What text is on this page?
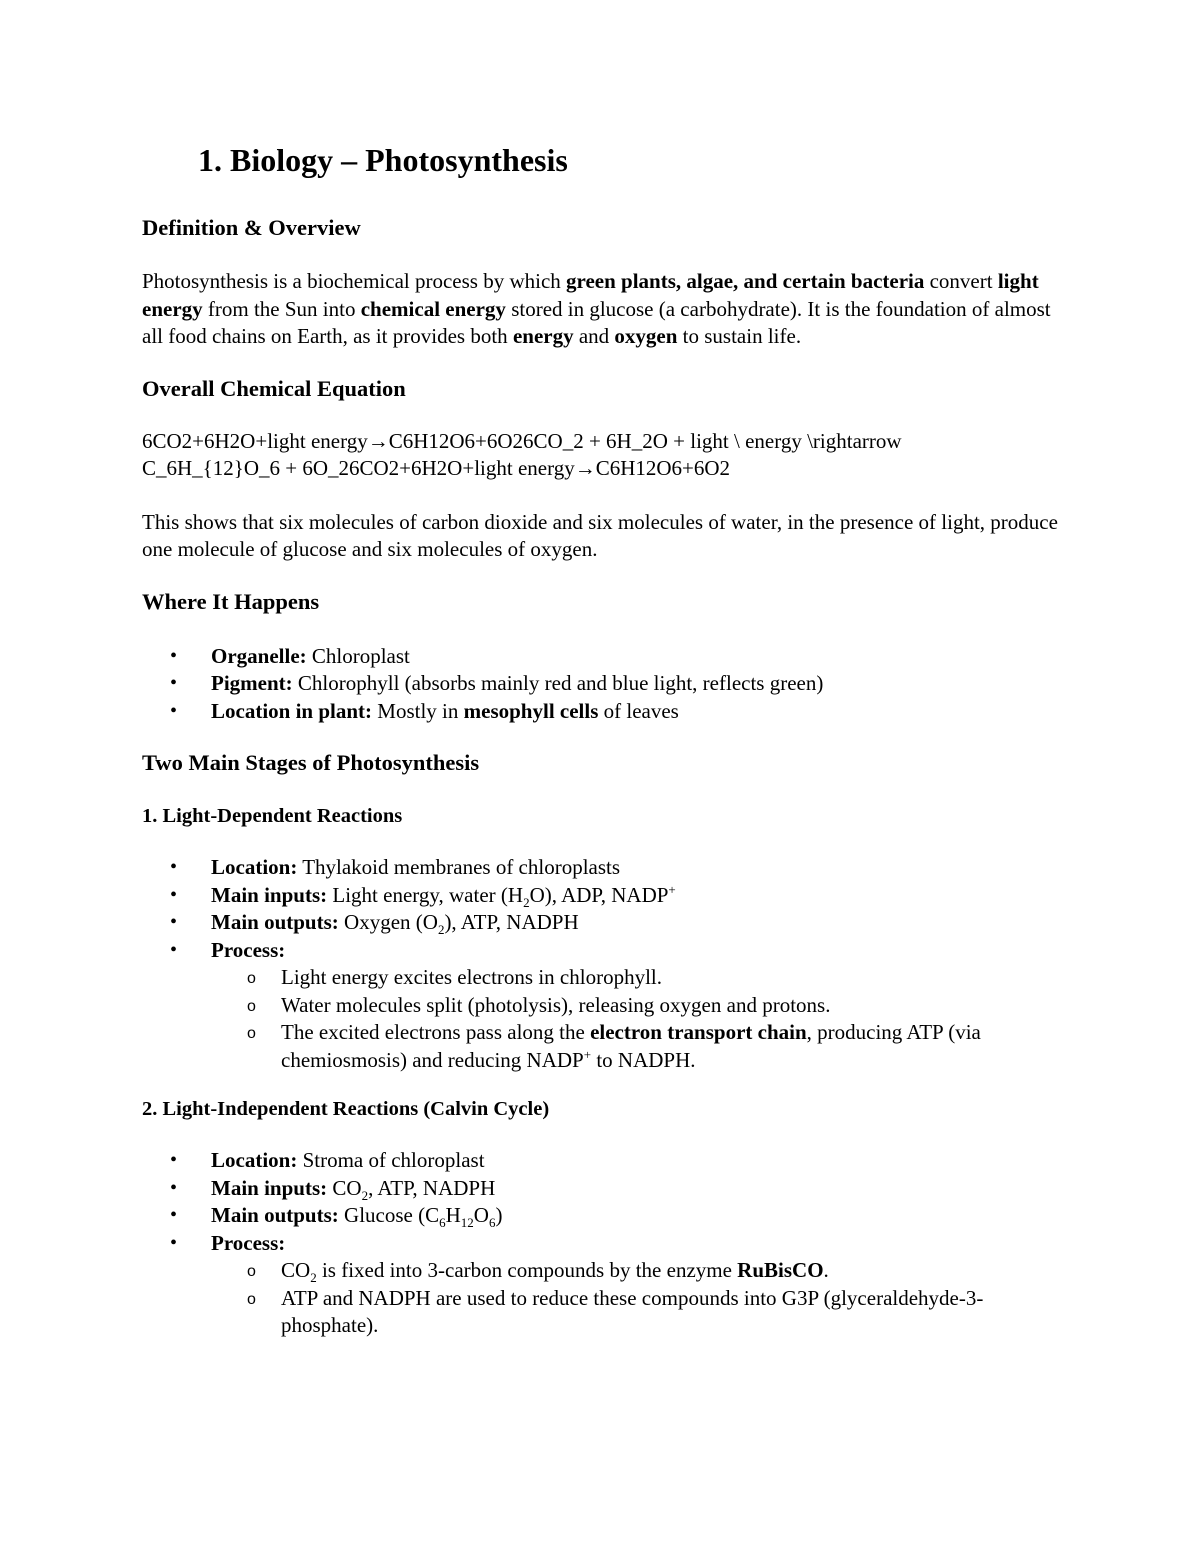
1. Biology – Photosynthesis
Definition & Overview

Photosynthesis is a biochemical process by which green plants, algae, and certain bacteria convert light energy from the Sun into chemical energy stored in glucose (a carbohydrate). It is the foundation of almost all food chains on Earth, as it provides both energy and oxygen to sustain life.

Overall Chemical Equation

6CO2+6H2O+light energy→C6H12O6+6O26CO_2 + 6H_2O + light \ energy \rightarrow
C_6H_{12}O_6 + 6O_26CO2+6H2O+light energy→C6H12O6+6O2

This shows that six molecules of carbon dioxide and six molecules of water, in the presence of light, produce one molecule of glucose and six molecules of oxygen.

Where It Happens
• Organelle: Chloroplast
• Pigment: Chlorophyll (absorbs mainly red and blue light, reflects green)
• Location in plant: Mostly in mesophyll cells of leaves
Two Main Stages of Photosynthesis
1. Light-Dependent Reactions
• Location: Thylakoid membranes of chloroplasts
• Main inputs: Light energy, water $(H_2O)$, ADP, NADP+
• Main outputs: Oxygen $(O_2)$, ATP, NADPH
• Process:
o Light energy excites electrons in chlorophyll.
o Water molecules split (photolysis), releasing oxygen and protons.
o The excited electrons pass along the electron transport chain, producing ATP (via chemiosmosis) and reducing NADP+ to NADPH.
2. Light-Independent Reactions (Calvin Cycle)
• Location: Stroma of chloroplast
• Main inputs: $CO_2$, ATP, NADPH
• Main outputs: Glucose $(C_6H_{12}O_6)$
• Process:
o $CO_2$ is fixed into 3-carbon compounds by the enzyme RuBisCO.
o ATP and NADPH are used to reduce these compounds into G3P (glyceraldehyde-3-phosphate).
